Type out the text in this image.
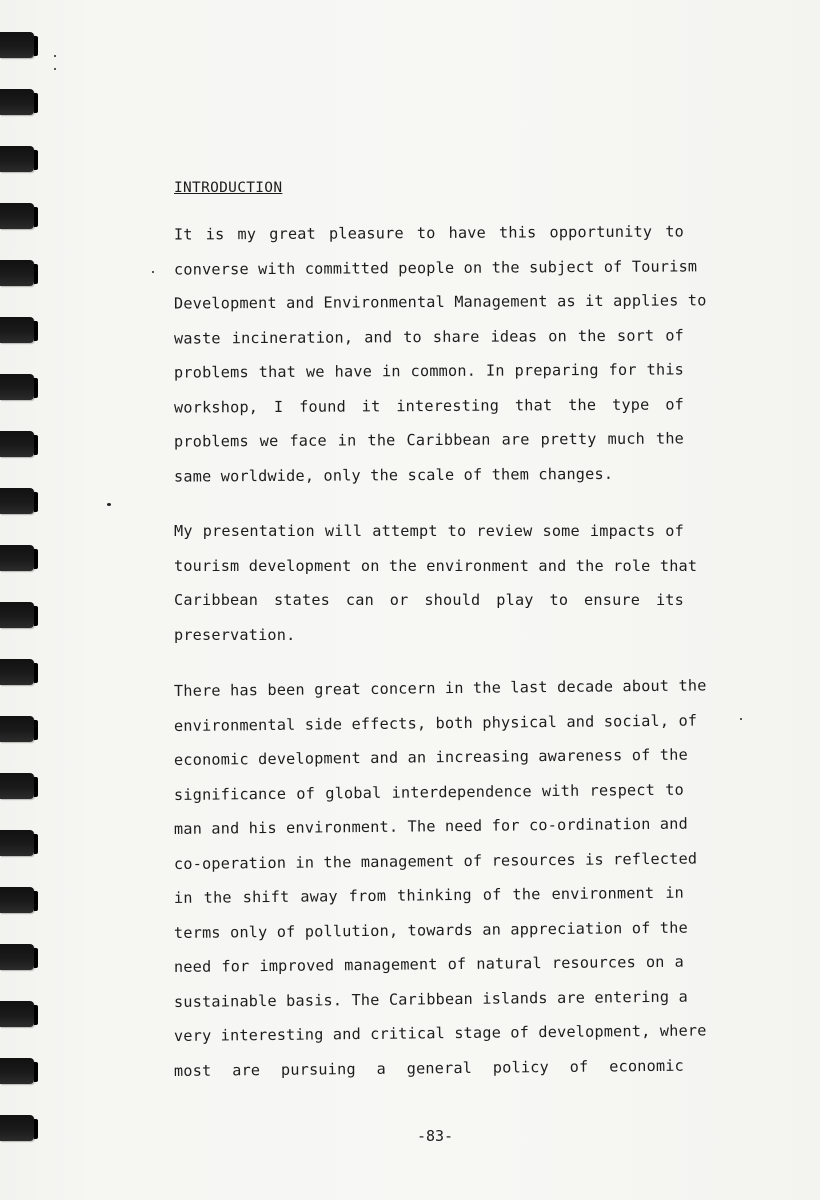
INTRODUCTION
It is my great pleasure to have this opportunity to
converse with committed people on the subject of Tourism
Development and Environmental Management as it applies to
waste incineration, and to share ideas on the sort of
problems that we have in common. In preparing for this
workshop, I found it interesting that the type of
problems we face in the Caribbean are pretty much the
same worldwide, only the scale of them changes.
My presentation will attempt to review some impacts of
tourism development on the environment and the role that
Caribbean states can or should play to ensure its
preservation.
There has been great concern in the last decade about the
environmental side effects, both physical and social, of
economic development and an increasing awareness of the
significance of global interdependence with respect to
man and his environment. The need for co-ordination and
co-operation in the management of resources is reflected
in the shift away from thinking of the environment in
terms only of pollution, towards an appreciation of the
need for improved management of natural resources on a
sustainable basis. The Caribbean islands are entering a
very interesting and critical stage of development, where
most are pursuing a general policy of economic
-83-
